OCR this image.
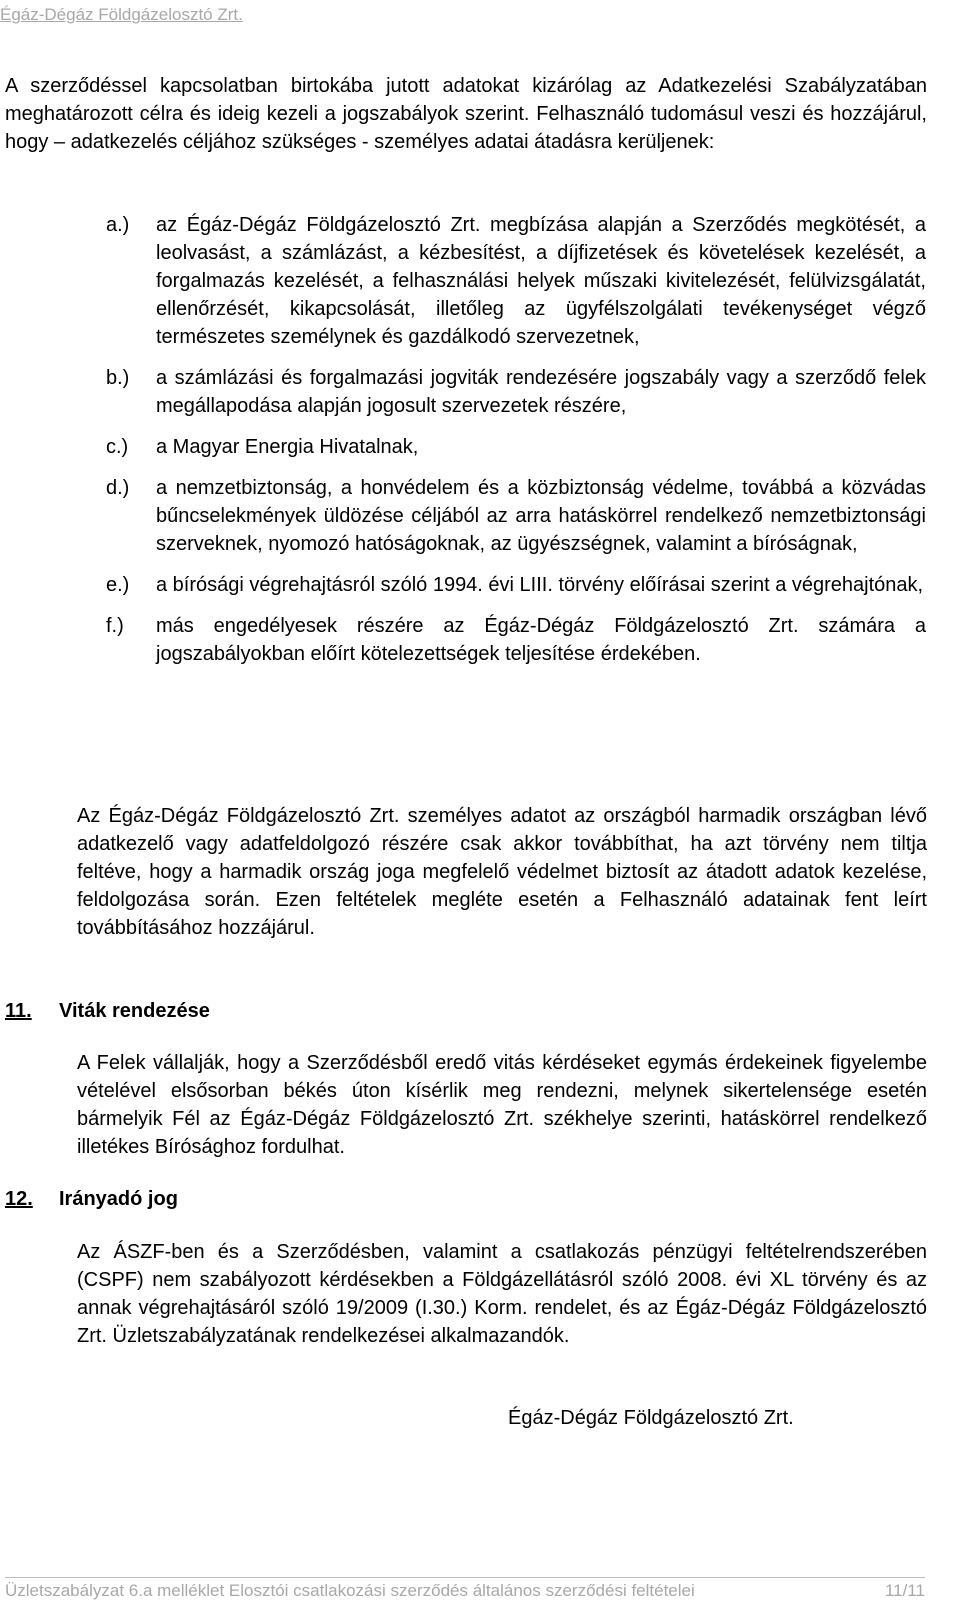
Égáz-Dégáz Földgázelosztó Zrt.

A szerződéssel kapcsolatban birtokába jutott adatokat kizárólag az Adatkezelési Szabályzatában meghatározott célra és ideig kezeli a jogszabályok szerint. Felhasználó tudomásul veszi és hozzájárul, hogy – adatkezelés céljához szükséges - személyes adatai átadásra kerüljenek:

a.)	az Égáz-Dégáz Földgázelosztó Zrt. megbízása alapján a Szerződés megkötését, a leolvasást, a számlázást, a kézbesítést, a díjfizetések és követelések kezelését, a forgalmazás kezelését, a felhasználási helyek műszaki kivitelezését, felülvizsgálatát, ellenőrzését, kikapcsolását, illetőleg az ügyfélszolgálati tevékenységet végző természetes személynek és gazdálkodó szervezetnek,
b.)	a számlázási és forgalmazási jogviták rendezésére jogszabály vagy a szerződő felek megállapodása alapján jogosult szervezetek részére,
c.)	a Magyar Energia Hivatalnak,
d.)	a nemzetbiztonság, a honvédelem és a közbiztonság védelme, továbbá a közvádas bűncselekmények üldözése céljából az arra hatáskörrel rendelkező nemzetbiztonsági szerveknek, nyomozó hatóságoknak, az ügyészségnek, valamint a bíróságnak,
e.)	a bírósági végrehajtásról szóló 1994. évi LIII. törvény előírásai szerint a végrehajtónak,
f.)	más engedélyesek részére az Égáz-Dégáz Földgázelosztó Zrt. számára a jogszabályokban előírt kötelezettségek teljesítése érdekében.

Az Égáz-Dégáz Földgázelosztó Zrt. személyes adatot az országból harmadik országban lévő adatkezelő vagy adatfeldolgozó részére csak akkor továbbíthat, ha azt törvény nem tiltja feltéve, hogy a harmadik ország joga megfelelő védelmet biztosít az átadott adatok kezelése, feldolgozása során. Ezen feltételek megléte esetén a Felhasználó adatainak fent leírt továbbításához hozzájárul.

11. Viták rendezése

A Felek vállalják, hogy a Szerződésből eredő vitás kérdéseket egymás érdekeinek figyelembe vételével elsősorban békés úton kísérlik meg rendezni, melynek sikertelensége esetén bármelyik Fél az Égáz-Dégáz Földgázelosztó Zrt. székhelye szerinti, hatáskörrel rendelkező illetékes Bírósághoz fordulhat.

12. Irányadó jog

Az ÁSZF-ben és a Szerződésben, valamint a csatlakozás pénzügyi feltételrendszerében (CSPF) nem szabályozott kérdésekben a Földgázellátásról szóló 2008. évi XL törvény és az annak végrehajtásáról szóló 19/2009 (I.30.) Korm. rendelet, és az Égáz-Dégáz Földgázelosztó Zrt. Üzletszabályzatának rendelkezései alkalmazandók.

Égáz-Dégáz Földgázelosztó Zrt.
Üzletszabályzat 6.a melléklet Elosztói csatlakozási szerződés általános szerződési feltételei	11/11
